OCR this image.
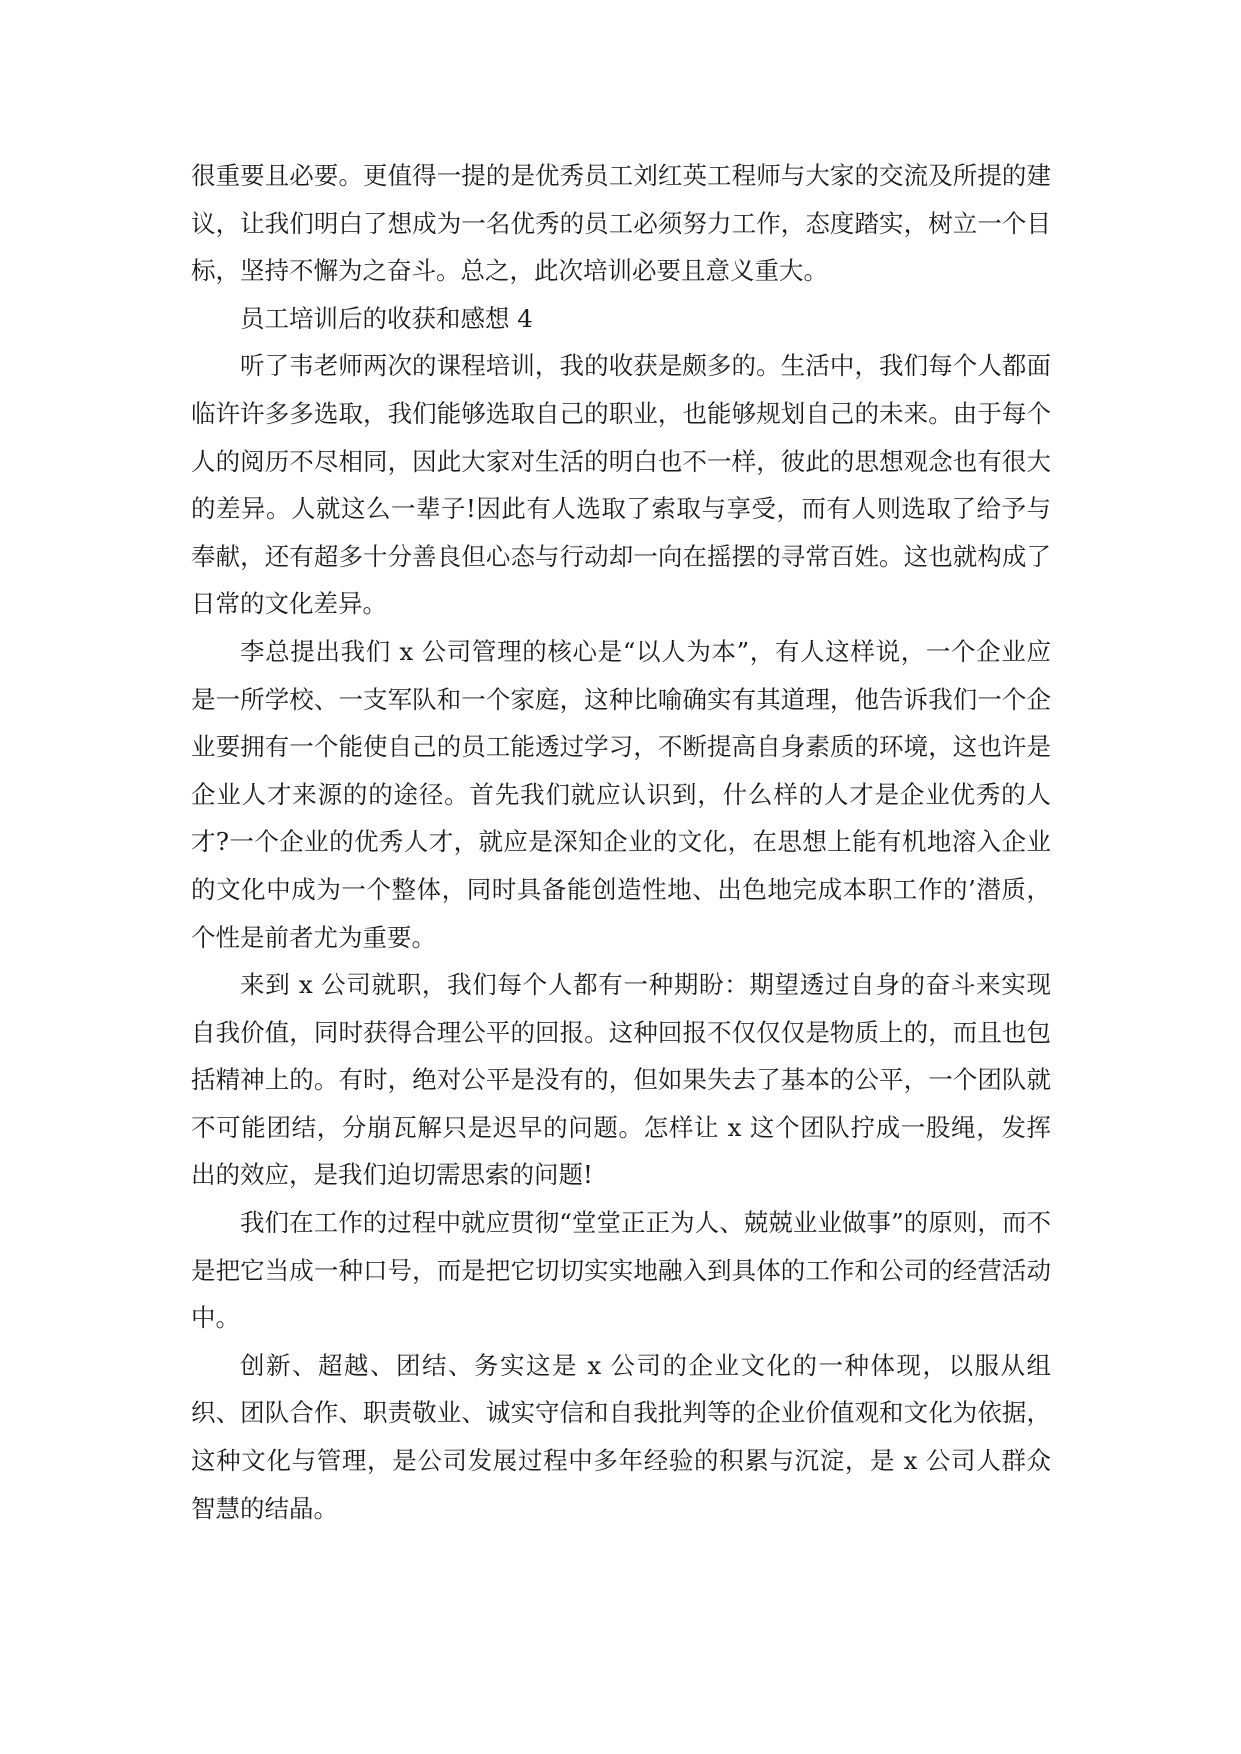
很重要且必要。更值得一提的是优秀员工刘红英工程师与大家的交流及所提的建议，让我们明白了想成为一名优秀的员工必须努力工作，态度踏实，树立一个目标，坚持不懈为之奋斗。总之，此次培训必要且意义重大。

员工培训后的收获和感想 4

听了韦老师两次的课程培训，我的收获是颇多的。生活中，我们每个人都面临许许多多选取，我们能够选取自己的职业，也能够规划自己的未来。由于每个人的阅历不尽相同，因此大家对生活的明白也不一样，彼此的思想观念也有很大的差异。人就这么一辈子!因此有人选取了索取与享受，而有人则选取了给予与奉献，还有超多十分善良但心态与行动却一向在摇摆的寻常百姓。这也就构成了日常的文化差异。

李总提出我们 x 公司管理的核心是“以人为本”，有人这样说，一个企业应是一所学校、一支军队和一个家庭，这种比喻确实有其道理，他告诉我们一个企业要拥有一个能使自己的员工能透过学习，不断提高自身素质的环境，这也许是企业人才来源的的途径。首先我们就应认识到，什么样的人才是企业优秀的人才?一个企业的优秀人才，就应是深知企业的文化，在思想上能有机地溶入企业的文化中成为一个整体，同时具备能创造性地、出色地完成本职工作的’潜质，个性是前者尤为重要。

来到 x 公司就职，我们每个人都有一种期盼：期望透过自身的奋斗来实现自我价值，同时获得合理公平的回报。这种回报不仅仅仅是物质上的，而且也包括精神上的。有时，绝对公平是没有的，但如果失去了基本的公平，一个团队就不可能团结，分崩瓦解只是迟早的问题。怎样让 x 这个团队拧成一股绳，发挥出的效应，是我们迫切需思索的问题!

我们在工作的过程中就应贯彻“堂堂正正为人、兢兢业业做事”的原则，而不是把它当成一种口号，而是把它切切实实地融入到具体的工作和公司的经营活动中。

创新、超越、团结、务实这是 x 公司的企业文化的一种体现，以服从组织、团队合作、职责敬业、诚实守信和自我批判等的企业价值观和文化为依据，这种文化与管理，是公司发展过程中多年经验的积累与沉淀，是 x 公司人群众智慧的结晶。
